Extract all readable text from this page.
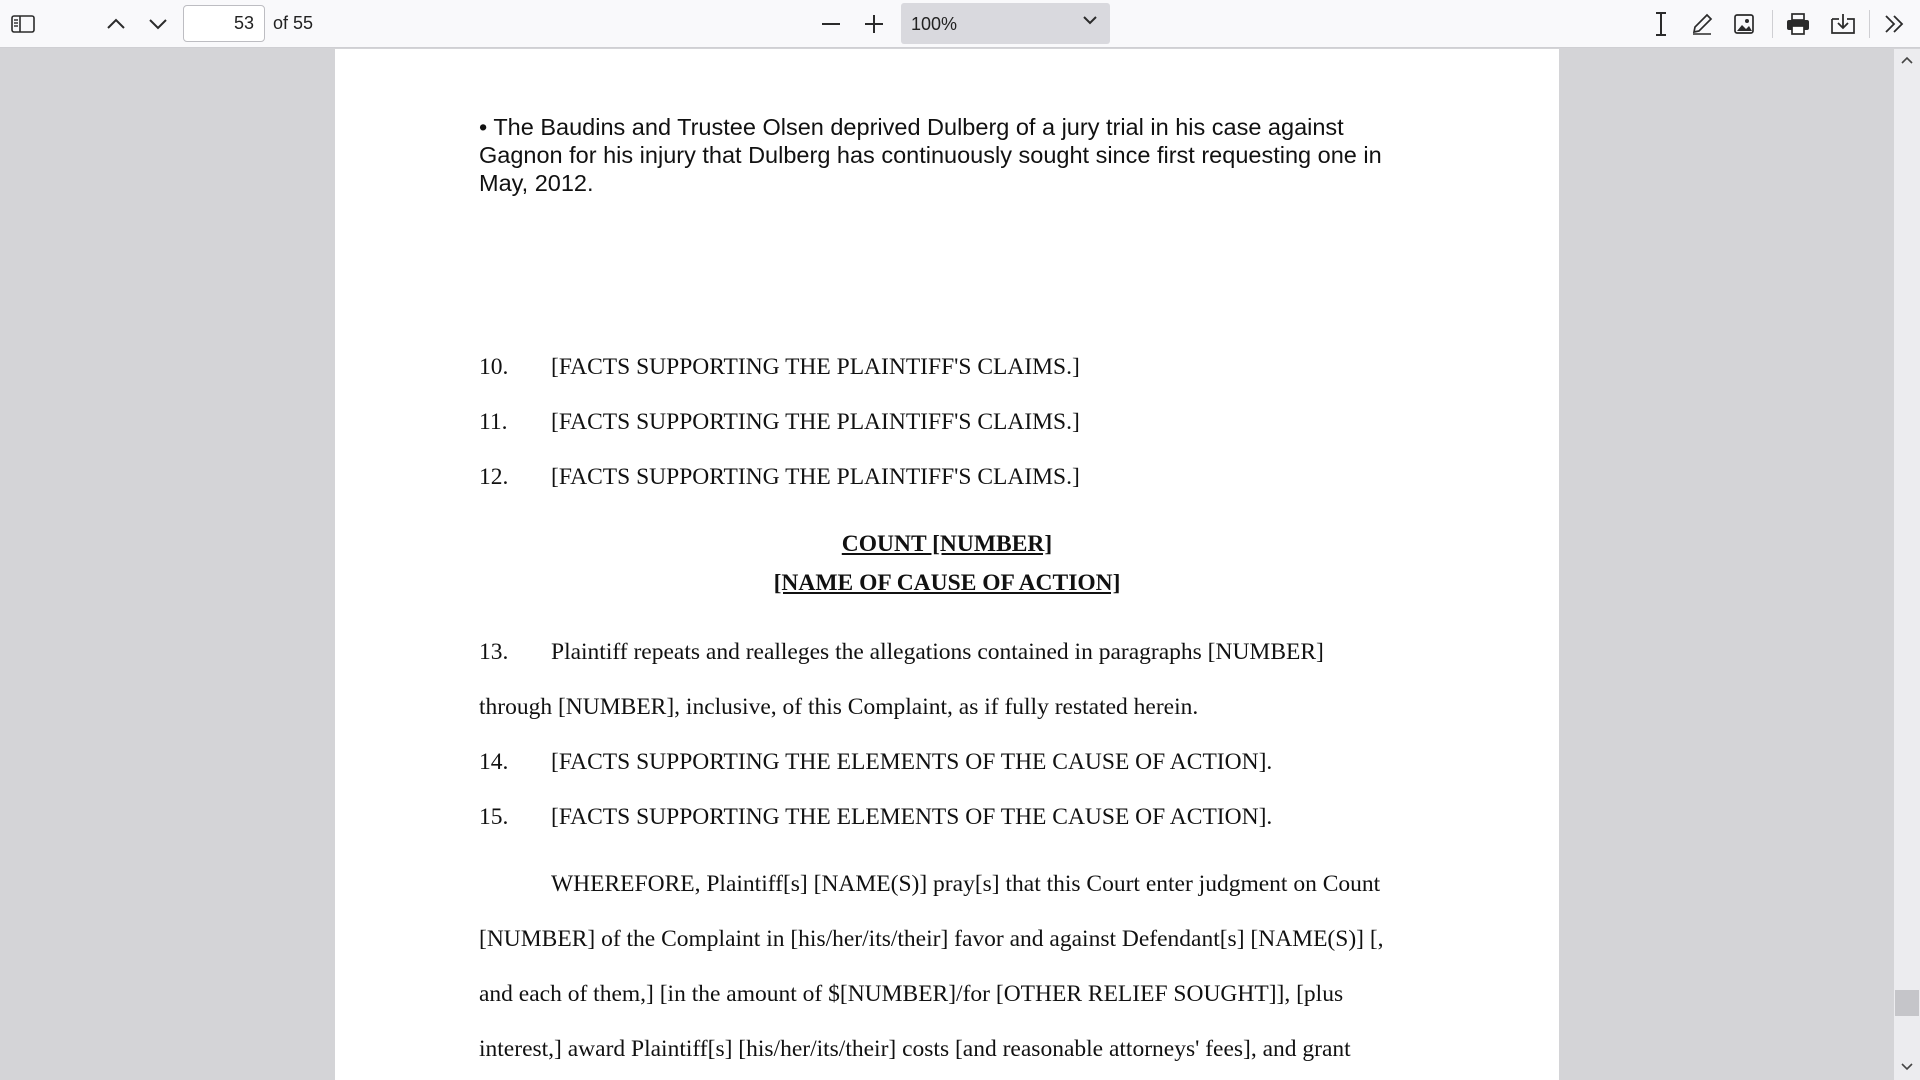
53
of 55	100%
• The Baudins and Trustee Olsen deprived Dulberg of a jury trial in his case against Gagnon for his injury that Dulberg has continuously sought since first requesting one in May, 2012.
10. [FACTS SUPPORTING THE PLAINTIFF'S CLAIMS.]
11. [FACTS SUPPORTING THE PLAINTIFF'S CLAIMS.]
12. [FACTS SUPPORTING THE PLAINTIFF'S CLAIMS.]
COUNT [NUMBER]
[NAME OF CAUSE OF ACTION]
13. Plaintiff repeats and realleges the allegations contained in paragraphs [NUMBER]
through [NUMBER], inclusive, of this Complaint, as if fully restated herein.
14. [FACTS SUPPORTING THE ELEMENTS OF THE CAUSE OF ACTION].
15. [FACTS SUPPORTING THE ELEMENTS OF THE CAUSE OF ACTION].
WHEREFORE, Plaintiff[s] [NAME(S)] pray[s] that this Court enter judgment on Count
[NUMBER] of the Complaint in [his/her/its/their] favor and against Defendant[s] [NAME(S)] [,
and each of them,] [in the amount of $[NUMBER]/for [OTHER RELIEF SOUGHT]], [plus
interest,] award Plaintiff[s] [his/her/its/their] costs [and reasonable attorneys' fees], and grant
